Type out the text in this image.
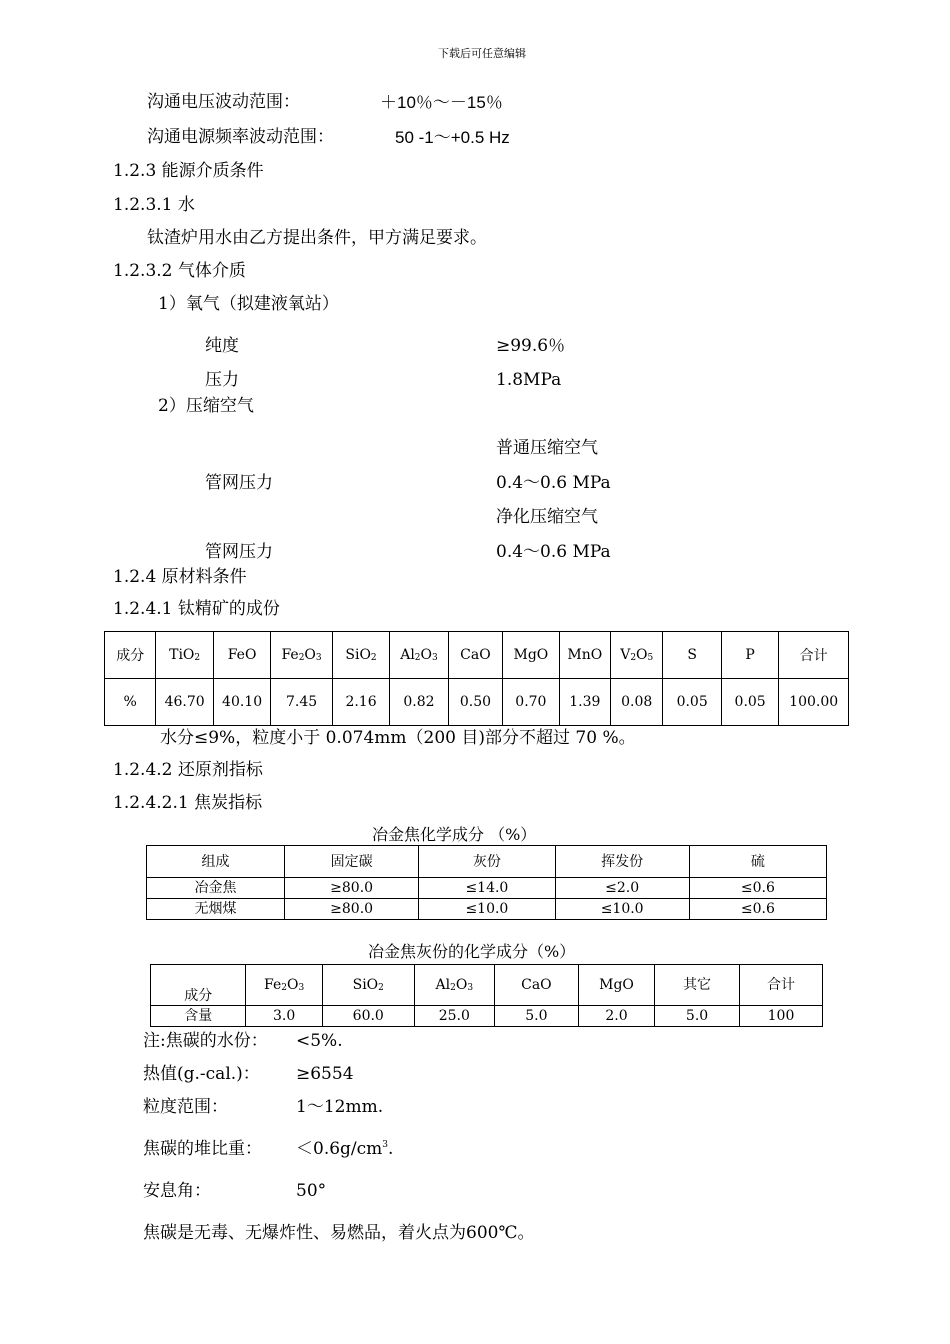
下载后可任意编辑
沟通电压波动范围：	＋10％～－15％
沟通电源频率波动范围：	50 -1～+0.5 Hz
1.2.3 能源介质条件
1.2.3.1 水
钛渣炉用水由乙方提出条件，甲方满足要求。
1.2.3.2 气体介质
1）氧气（拟建液氧站）
纯度	≥99.6％
压力	1.8MPa
2）压缩空气
普通压缩空气
管网压力	0.4～0.6 MPa
净化压缩空气
管网压力	0.4～0.6 MPa
1.2.4 原材料条件
1.2.4.1 钛精矿的成份
成分	TiO$_2$	FeO	$Fe_2O_3$	SiO$_2$	$Al_2O_3$	CaO	MgO	MnO	$V_2O_5$	S	P	合计
%	46.70	40.10	7.45	2.16	0.82	0.50	0.70	1.39	0.08	0.05	0.05	100.00
水分≤9%，粒度小于 0.074mm（200 目)部分不超过 70 %。
1.2.4.2 还原剂指标
1.2.4.2.1 焦炭指标
冶金焦化学成分 （%）
组成	固定碳	灰份	挥发份	硫
冶金焦	≥80.0	≤14.0	≤2.0	≤0.6
无烟煤	≥80.0	≤10.0	≤10.0	≤0.6
冶金焦灰份的化学成分（%）
成分	$Fe_2O_3$	SiO$_2$	$Al_2O_3$	CaO	MgO	其它	合计
含量	3.0	60.0	25.0	5.0	2.0	5.0	100
注:焦碳的水份： <5%.
热值(g.-cal.)： ≥6554
粒度范围：	1～12mm.
焦碳的堆比重： $<0.6g/cm^3$.
安息角：	50°
焦碳是无毒、无爆炸性、易燃品，着火点为600℃。
